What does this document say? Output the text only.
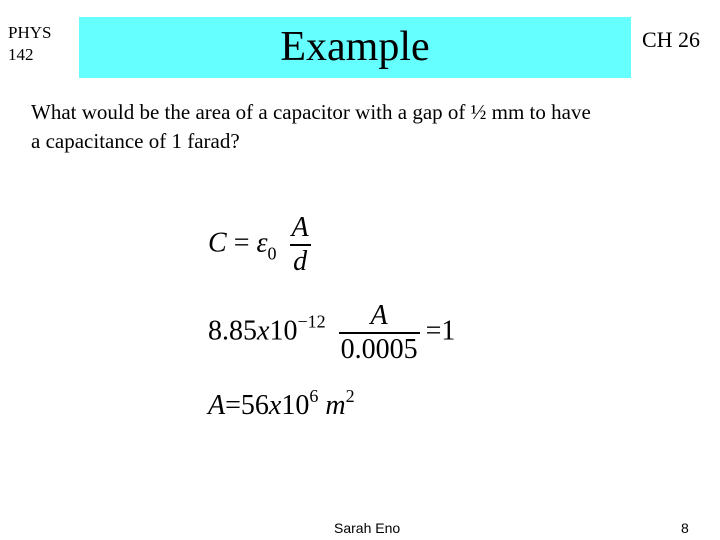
PHYS
142	Example	CH 26
What would be the area of a capacitor with a gap of ½ mm to have
a capacitance of 1 farad?
$C = \varepsilon_0 \frac{A}{d}$
$8.85x10^{-12} \frac{A}{0.0005} =1$
$A=56x10^6$ $m^2$
Sarah Eno	8
